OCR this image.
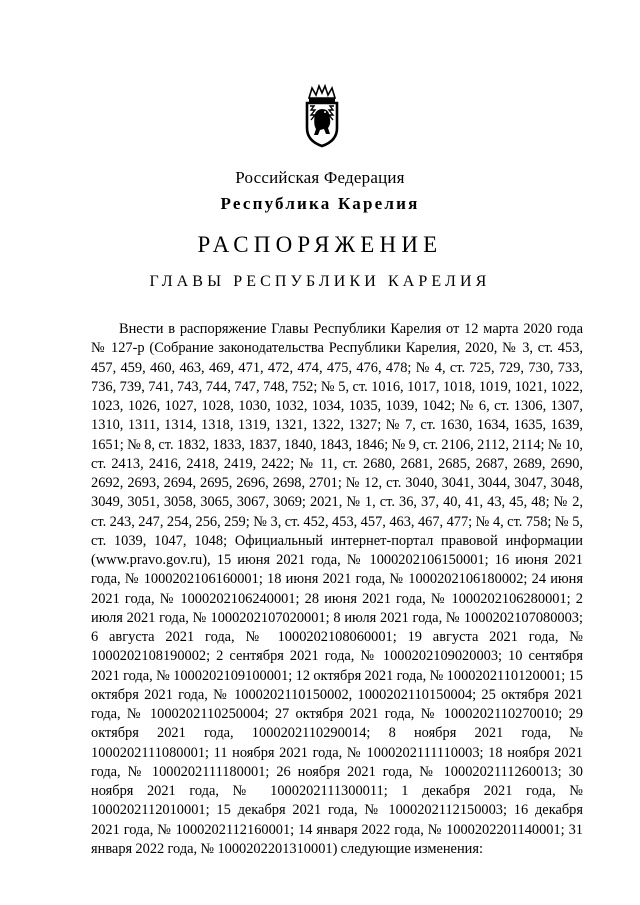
Российская Федерация
Республика Карелия
РАСПОРЯЖЕНИЕ
ГЛАВЫ РЕСПУБЛИКИ КАРЕЛИЯ

Внести в распоряжение Главы Республики Карелия от 12 марта 2020 года № 127-р (Собрание законодательства Республики Карелия, 2020, № 3, ст. 453, 457, 459, 460, 463, 469, 471, 472, 474, 475, 476, 478; № 4, ст. 725, 729, 730, 733, 736, 739, 741, 743, 744, 747, 748, 752; № 5, ст. 1016, 1017, 1018, 1019, 1021, 1022, 1023, 1026, 1027, 1028, 1030, 1032, 1034, 1035, 1039, 1042; № 6, ст. 1306, 1307, 1310, 1311, 1314, 1318, 1319, 1321, 1322, 1327; № 7, ст. 1630, 1634, 1635, 1639, 1651; № 8, ст. 1832, 1833, 1837, 1840, 1843, 1846; № 9, ст. 2106, 2112, 2114; № 10, ст. 2413, 2416, 2418, 2419, 2422; № 11, ст. 2680, 2681, 2685, 2687, 2689, 2690, 2692, 2693, 2694, 2695, 2696, 2698, 2701; № 12, ст. 3040, 3041, 3044, 3047, 3048, 3049, 3051, 3058, 3065, 3067, 3069; 2021, № 1, ст. 36, 37, 40, 41, 43, 45, 48; № 2, ст. 243, 247, 254, 256, 259; № 3, ст. 452, 453, 457, 463, 467, 477; № 4, ст. 758; № 5, ст. 1039, 1047, 1048; Официальный интернет-портал правовой информации (www.pravo.gov.ru), 15 июня 2021 года, № 1000202106150001; 16 июня 2021 года, № 1000202106160001; 18 июня 2021 года, № 1000202106180002; 24 июня 2021 года, № 1000202106240001; 28 июня 2021 года, № 1000202106280001; 2 июля 2021 года, № 1000202107020001; 8 июля 2021 года, № 1000202107080003; 6 августа 2021 года, № 1000202108060001; 19 августа 2021 года, № 1000202108190002; 2 сентября 2021 года, № 1000202109020003; 10 сентября 2021 года, № 1000202109100001; 12 октября 2021 года, № 1000202110120001; 15 октября 2021 года, № 1000202110150002, 1000202110150004; 25 октября 2021 года, № 1000202110250004; 27 октября 2021 года, № 1000202110270010; 29 октября 2021 года, 1000202110290014; 8 ноября 2021 года, № 1000202111080001; 11 ноября 2021 года, № 1000202111110003; 18 ноября 2021 года, № 1000202111180001; 26 ноября 2021 года, № 1000202111260013; 30 ноября 2021 года, № 1000202111300011; 1 декабря 2021 года, № 1000202112010001; 15 декабря 2021 года, № 1000202112150003; 16 декабря 2021 года, № 1000202112160001; 14 января 2022 года, № 1000202201140001; 31 января 2022 года, № 1000202201310001) следующие изменения:
